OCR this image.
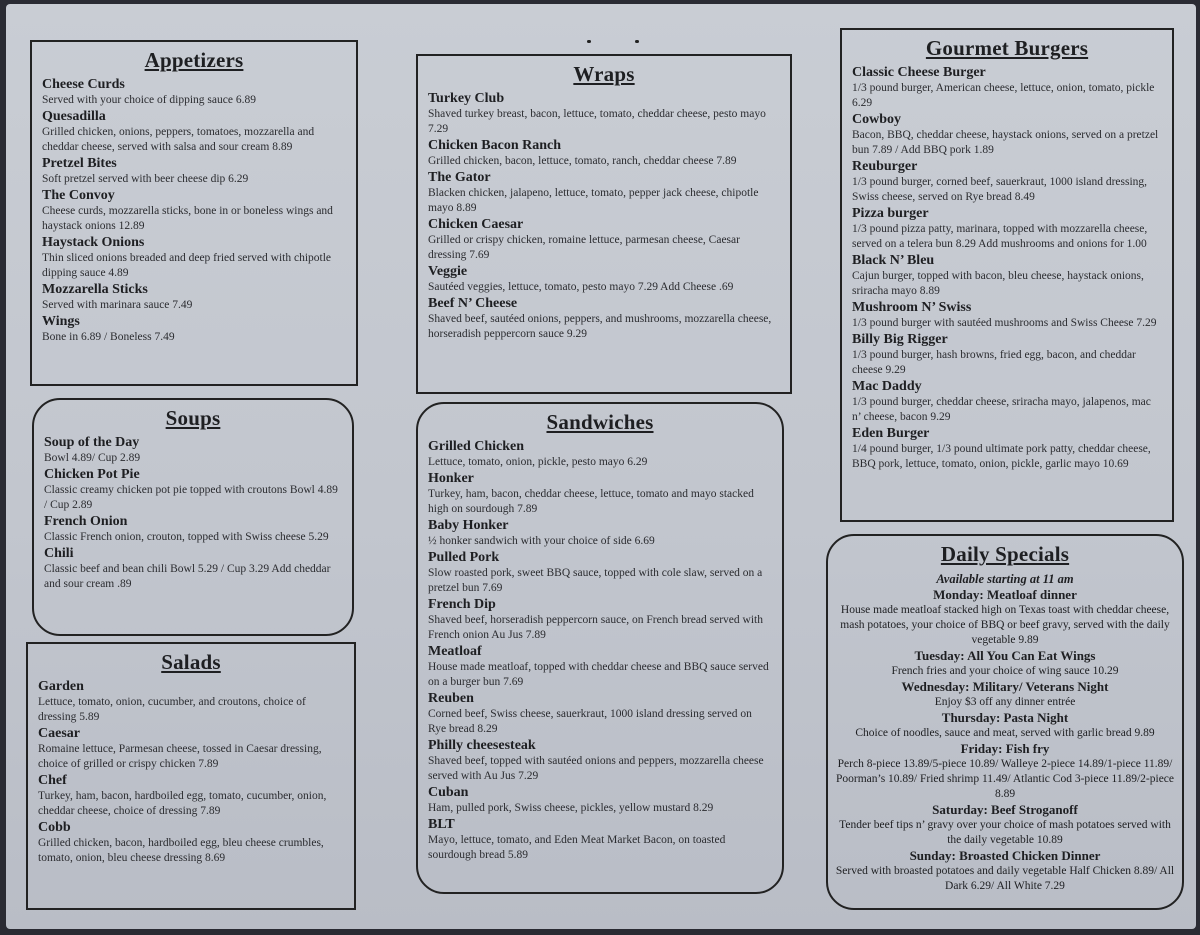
Appetizers
Cheese Curds
Served with your choice of dipping sauce 6.89
Quesadilla
Grilled chicken, onions, peppers, tomatoes, mozzarella and cheddar cheese, served with salsa and sour cream 8.89
Pretzel Bites
Soft pretzel served with beer cheese dip 6.29
The Convoy
Cheese curds, mozzarella sticks, bone in or boneless wings and haystack onions 12.89
Haystack Onions
Thin sliced onions breaded and deep fried served with chipotle dipping sauce 4.89
Mozzarella Sticks
Served with marinara sauce 7.49
Wings
Bone in 6.89 / Boneless 7.49
Soups
Soup of the Day
Bowl 4.89/ Cup 2.89
Chicken Pot Pie
Classic creamy chicken pot pie topped with croutons Bowl 4.89 / Cup 2.89
French Onion
Classic French onion, crouton, topped with Swiss cheese 5.29
Chili
Classic beef and bean chili Bowl 5.29 / Cup 3.29 Add cheddar and sour cream .89
Salads
Garden
Lettuce, tomato, onion, cucumber, and croutons, choice of dressing 5.89
Caesar
Romaine lettuce, Parmesan cheese, tossed in Caesar dressing, choice of grilled or crispy chicken 7.89
Chef
Turkey, ham, bacon, hardboiled egg, tomato, cucumber, onion, cheddar cheese, choice of dressing 7.89
Cobb
Grilled chicken, bacon, hardboiled egg, bleu cheese crumbles, tomato, onion, bleu cheese dressing 8.69
Wraps
Turkey Club
Shaved turkey breast, bacon, lettuce, tomato, cheddar cheese, pesto mayo 7.29
Chicken Bacon Ranch
Grilled chicken, bacon, lettuce, tomato, ranch, cheddar cheese 7.89
The Gator
Blacken chicken, jalapeno, lettuce, tomato, pepper jack cheese, chipotle mayo 8.89
Chicken Caesar
Grilled or crispy chicken, romaine lettuce, parmesan cheese, Caesar dressing 7.69
Veggie
Sautéed veggies, lettuce, tomato, pesto mayo 7.29 Add Cheese .69
Beef N’ Cheese
Shaved beef, sautéed onions, peppers, and mushrooms, mozzarella cheese, horseradish peppercorn sauce 9.29
Sandwiches
Grilled Chicken
Lettuce, tomato, onion, pickle, pesto mayo 6.29
Honker
Turkey, ham, bacon, cheddar cheese, lettuce, tomato and mayo stacked high on sourdough 7.89
Baby Honker
½ honker sandwich with your choice of side 6.69
Pulled Pork
Slow roasted pork, sweet BBQ sauce, topped with cole slaw, served on a pretzel bun 7.69
French Dip
Shaved beef, horseradish peppercorn sauce, on French bread served with French onion Au Jus 7.89
Meatloaf
House made meatloaf, topped with cheddar cheese and BBQ sauce served on a burger bun 7.69
Reuben
Corned beef, Swiss cheese, sauerkraut, 1000 island dressing served on Rye bread 8.29
Philly cheesesteak
Shaved beef, topped with sautéed onions and peppers, mozzarella cheese served with Au Jus 7.29
Cuban
Ham, pulled pork, Swiss cheese, pickles, yellow mustard 8.29
BLT
Mayo, lettuce, tomato, and Eden Meat Market Bacon, on toasted sourdough bread 5.89
Gourmet Burgers
Classic Cheese Burger
1/3 pound burger, American cheese, lettuce, onion, tomato, pickle 6.29
Cowboy
Bacon, BBQ, cheddar cheese, haystack onions, served on a pretzel bun 7.89 / Add BBQ pork 1.89
Reuburger
1/3 pound burger, corned beef, sauerkraut, 1000 island dressing, Swiss cheese, served on Rye bread 8.49
Pizza burger
1/3 pound pizza patty, marinara, topped with mozzarella cheese, served on a telera bun 8.29 Add mushrooms and onions for 1.00
Black N’ Bleu
Cajun burger, topped with bacon, bleu cheese, haystack onions, sriracha mayo 8.89
Mushroom N’ Swiss
1/3 pound burger with sautéed mushrooms and Swiss Cheese 7.29
Billy Big Rigger
1/3 pound burger, hash browns, fried egg, bacon, and cheddar cheese 9.29
Mac Daddy
1/3 pound burger, cheddar cheese, sriracha mayo, jalapenos, mac n’ cheese, bacon 9.29
Eden Burger
1/4 pound burger, 1/3 pound ultimate pork patty, cheddar cheese, BBQ pork, lettuce, tomato, onion, pickle, garlic mayo 10.69
Daily Specials
Available starting at 11 am
Monday: Meatloaf dinner
House made meatloaf stacked high on Texas toast with cheddar cheese, mash potatoes, your choice of BBQ or beef gravy, served with the daily vegetable 9.89
Tuesday: All You Can Eat Wings
French fries and your choice of wing sauce 10.29
Wednesday: Military/ Veterans Night
Enjoy $3 off any dinner entrée
Thursday: Pasta Night
Choice of noodles, sauce and meat, served with garlic bread 9.89
Friday: Fish fry
Perch 8-piece 13.89/5-piece 10.89/ Walleye 2-piece 14.89/1-piece 11.89/ Poorman’s 10.89/ Fried shrimp 11.49/ Atlantic Cod 3-piece 11.89/2-piece 8.89
Saturday: Beef Stroganoff
Tender beef tips n’ gravy over your choice of mash potatoes served with the daily vegetable 10.89
Sunday: Broasted Chicken Dinner
Served with broasted potatoes and daily vegetable Half Chicken 8.89/ All Dark 6.29/ All White 7.29
